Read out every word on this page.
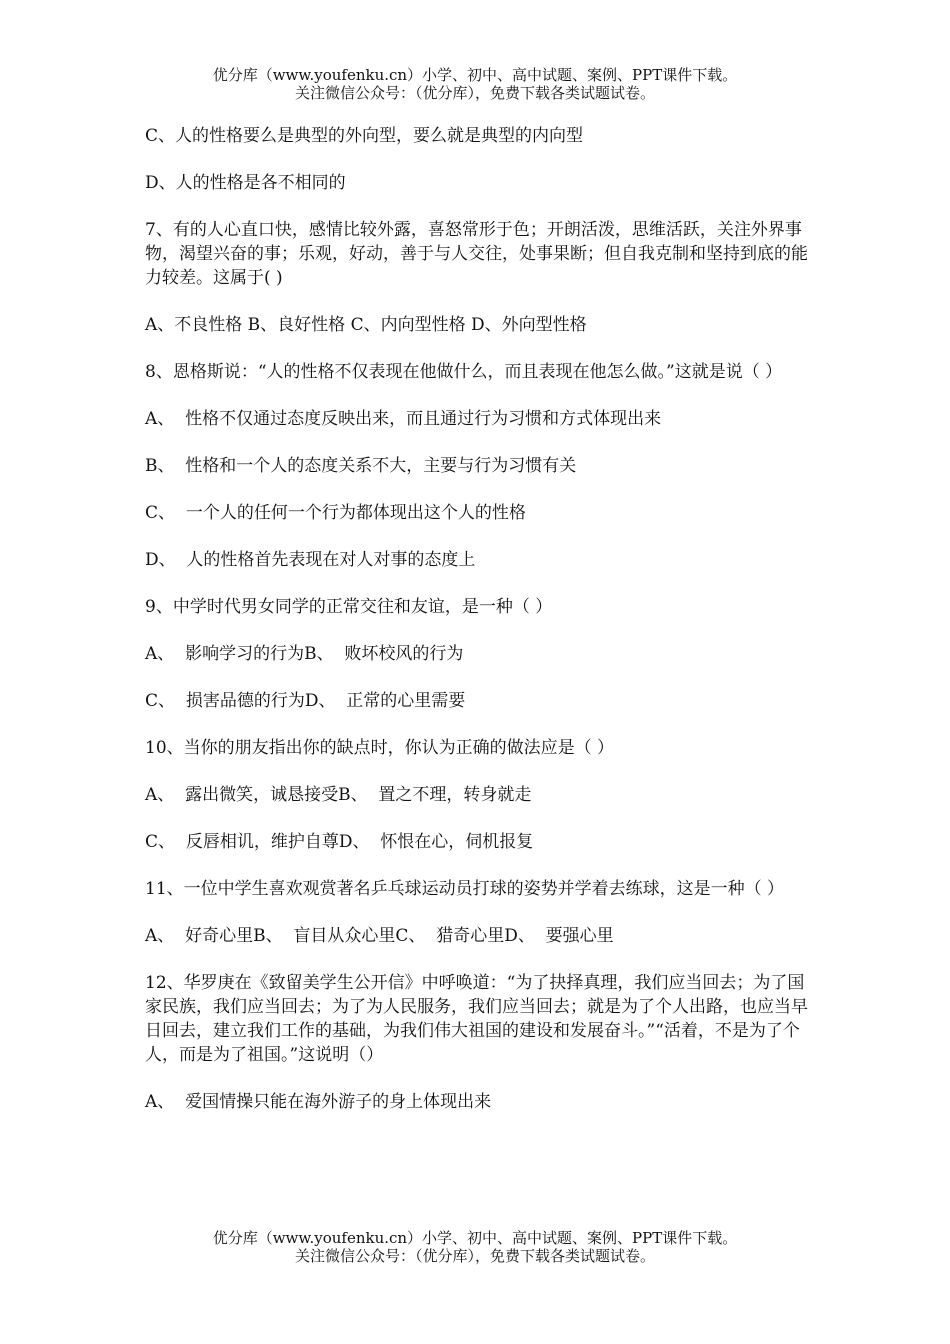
优分库（www.youfenku.cn）小学、初中、高中试题、案例、PPT课件下载。
关注微信公众号：（优分库），免费下载各类试题试卷。

C、人的性格要么是典型的外向型，要么就是典型的内向型

D、人的性格是各不相同的

7、有的人心直口快，感情比较外露，喜怒常形于色；开朗活泼，思维活跃，关注外界事物，渴望兴奋的事；乐观，好动，善于与人交往，处事果断；但自我克制和坚持到底的能力较差。这属于( )

A、不良性格 B、良好性格 C、内向型性格 D、外向型性格

8、恩格斯说：“人的性格不仅表现在他做什么，而且表现在他怎么做。”这就是说（ ）

A、  性格不仅通过态度反映出来，而且通过行为习惯和方式体现出来

B、  性格和一个人的态度关系不大，主要与行为习惯有关

C、  一个人的任何一个行为都体现出这个人的性格

D、  人的性格首先表现在对人对事的态度上

9、中学时代男女同学的正常交往和友谊，是一种（ ）

A、  影响学习的行为B、  败坏校风的行为

C、  损害品德的行为D、  正常的心里需要

10、当你的朋友指出你的缺点时，你认为正确的做法应是（ ）

A、  露出微笑，诚恳接受B、  置之不理，转身就走

C、  反唇相讥，维护自尊D、  怀恨在心，伺机报复

11、一位中学生喜欢观赏著名乒乓球运动员打球的姿势并学着去练球，这是一种（ ）

A、  好奇心里B、  盲目从众心里C、  猎奇心里D、  要强心里

12、华罗庚在《致留美学生公开信》中呼唤道：“为了抉择真理，我们应当回去；为了国家民族，我们应当回去；为了为人民服务，我们应当回去；就是为了个人出路，也应当早日回去，建立我们工作的基础，为我们伟大祖国的建设和发展奋斗。”“活着，不是为了个人，而是为了祖国。”这说明（）

A、  爱国情操只能在海外游子的身上体现出来

优分库（www.youfenku.cn）小学、初中、高中试题、案例、PPT课件下载。
关注微信公众号：（优分库），免费下载各类试题试卷。
